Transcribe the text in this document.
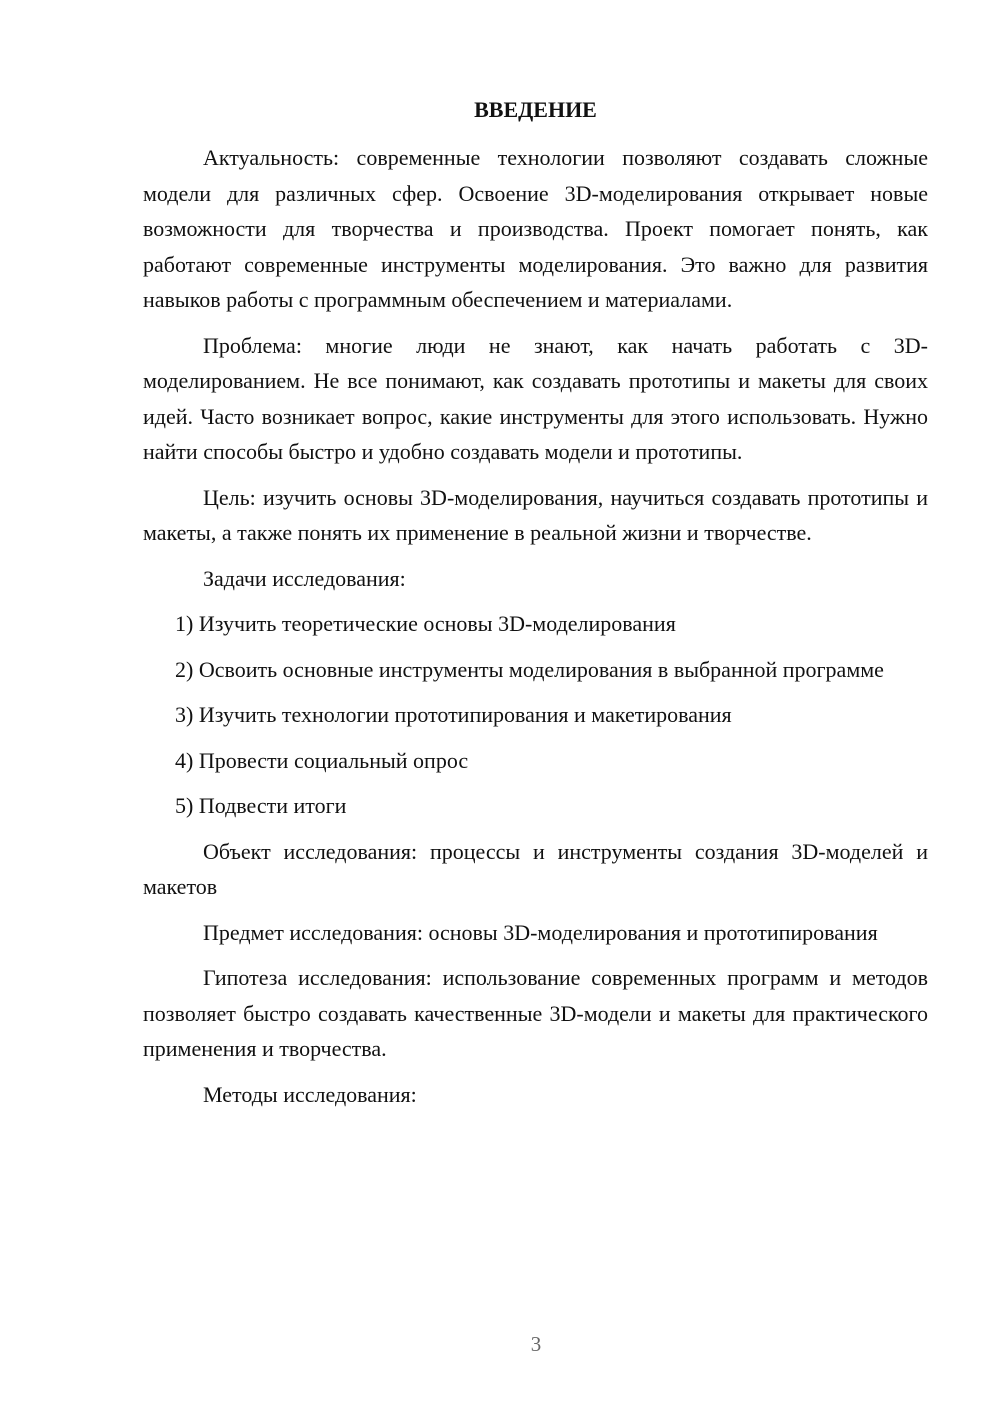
ВВЕДЕНИЕ

Актуальность: современные технологии позволяют создавать сложные модели для различных сфер. Освоение 3D-моделирования открывает новые возможности для творчества и производства. Проект помогает понять, как работают современные инструменты моделирования. Это важно для развития навыков работы с программным обеспечением и материалами.

Проблема: многие люди не знают, как начать работать с 3D-моделированием. Не все понимают, как создавать прототипы и макеты для своих идей. Часто возникает вопрос, какие инструменты для этого использовать. Нужно найти способы быстро и удобно создавать модели и прототипы.

Цель: изучить основы 3D-моделирования, научиться создавать прототипы и макеты, а также понять их применение в реальной жизни и творчестве.

Задачи исследования:

1) Изучить теоретические основы 3D-моделирования

2) Освоить основные инструменты моделирования в выбранной программе

3) Изучить технологии прототипирования и макетирования

4) Провести социальный опрос

5) Подвести итоги

Объект исследования: процессы и инструменты создания 3D-моделей и макетов

Предмет исследования: основы 3D-моделирования и прототипирования

Гипотеза исследования: использование современных программ и методов позволяет быстро создавать качественные 3D-модели и макеты для практического применения и творчества.

Методы исследования:

3
